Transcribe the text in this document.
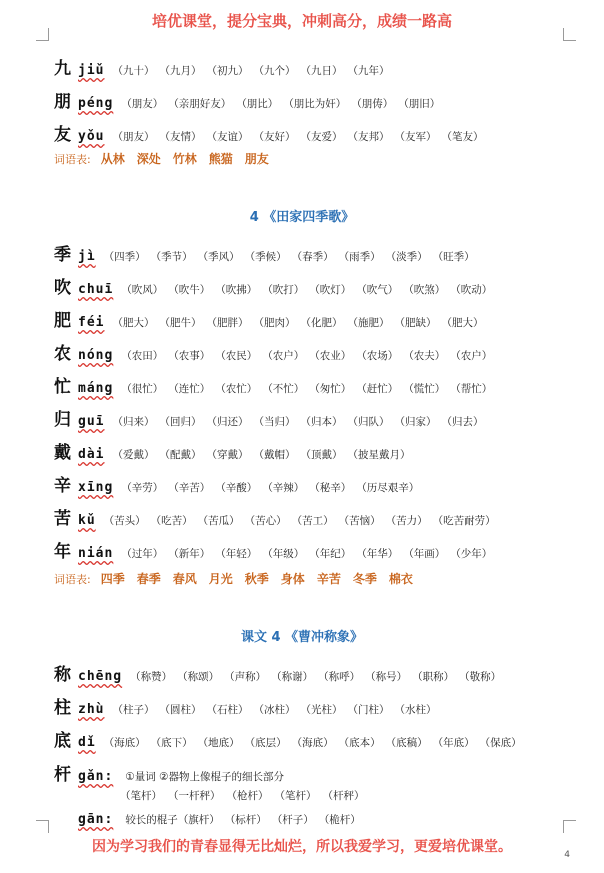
培优课堂，提分宝典，冲刺高分，成绩一路高
九 jiǔ （九十） （九月） （初九） （九个） （九日） （九年）
朋 péng （朋友） （亲朋好友） （朋比） （朋比为奸） （朋俦） （朋旧）
友 yǒu （朋友） （友情） （友谊） （友好） （友爱） （友邦） （友军） （笔友）
词语表: 从林 深处 竹林 熊猫 朋友
4 《田家四季歌》
季 jì （四季） （季节） （季风） （季候） （春季） （雨季） （淡季） （旺季）
吹 chuī （吹风） （吹牛） （吹拂） （吹打） （吹灯） （吹气） （吹煞） （吹动）
肥 féi （肥大） （肥牛） （肥胖） （肥肉） （化肥） （施肥） （肥缺） （肥大）
农 nóng （农田） （农事） （农民） （农户） （农业） （农场） （农夫） （农户）
忙 máng （很忙） （连忙） （农忙） （不忙） （匆忙） （赶忙） （慌忙） （帮忙）
归 guī （归来） （回归） （归还） （当归） （归本） （归队） （归家） （归去）
戴 dài （爱戴） （配戴） （穿戴） （戴帽） （顶戴） （披星戴月）
辛 xīng （辛劳） （辛苦） （辛酸） （辛辣） （秘辛） （历尽艰辛）
苦 kǔ （苦头） （吃苦） （苦瓜） （苦心） （苦工） （苦恼） （苦力） （吃苦耐劳）
年 nián （过年） （新年） （年轻） （年级） （年纪） （年华） （年画） （少年）
词语表: 四季 春季 春风 月光 秋季 身体 辛苦 冬季 棉衣
课文 4 《曹冲称象》
称 chēng （称赞） （称颂） （声称） （称谢） （称呼） （称号） （职称） （敬称）
柱 zhù （柱子） （圆柱） （石柱） （冰柱） （光柱） （门柱） （水柱）
底 dǐ （海底） （底下） （地底） （底层） （海底） （底本） （底稿） （年底） （保底）
杆 gǎn: ①量词 ②器物上像棍子的细长部分
（笔杆） （一杆秤） （枪杆） （笔杆） （杆秤）
gān: 较长的棍子 （旗杆） （标杆） （杆子） （桅杆）
因为学习我们的青春显得无比灿烂，所以我爱学习，更爱培优课堂。	4
